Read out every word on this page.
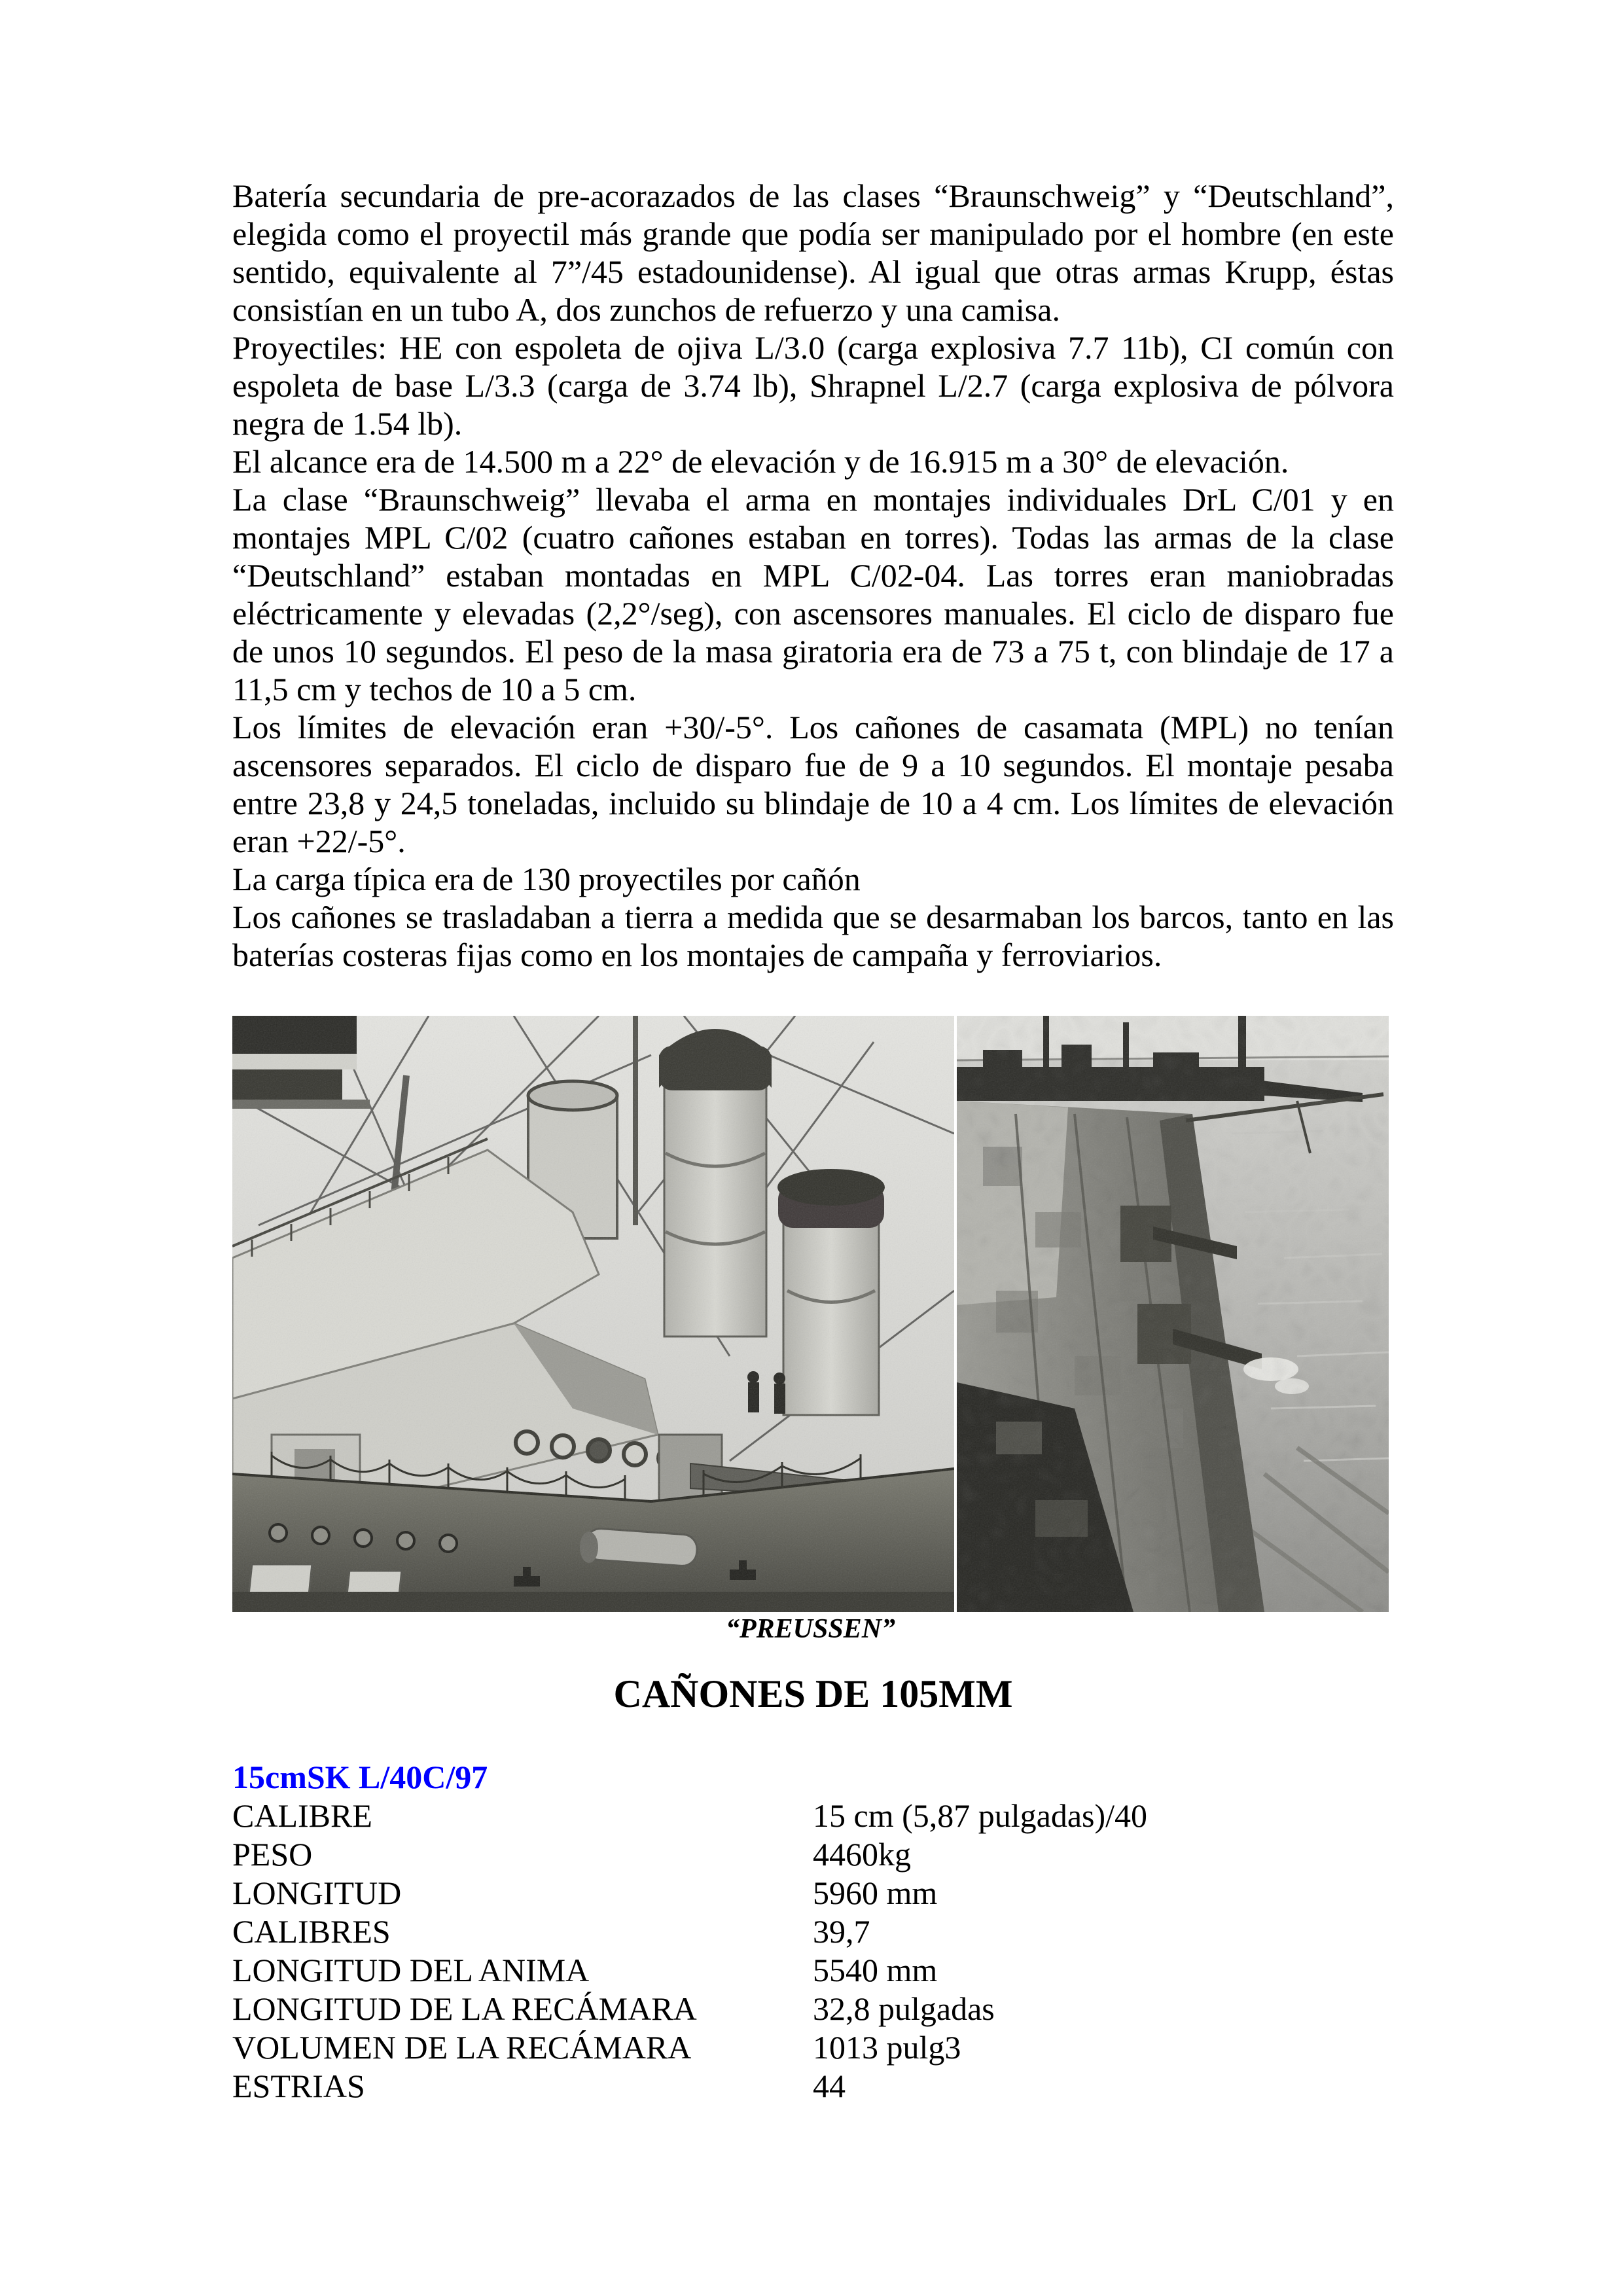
Batería secundaria de pre-acorazados de las clases “Braunschweig” y “Deutschland”, elegida como el proyectil más grande que podía ser manipulado por el hombre (en este sentido, equivalente al 7”/45 estadounidense). Al igual que otras armas Krupp, éstas consistían en un tubo A, dos zunchos de refuerzo y una camisa.

Proyectiles: HE con espoleta de ojiva L/3.0 (carga explosiva 7.7 11b), CI común con espoleta de base L/3.3 (carga de 3.74 lb), Shrapnel L/2.7 (carga explosiva de pólvora negra de 1.54 lb).

El alcance era de 14.500 m a 22° de elevación y de 16.915 m a 30° de elevación.

La clase “Braunschweig” llevaba el arma en montajes individuales DrL C/01 y en montajes MPL C/02 (cuatro cañones estaban en torres). Todas las armas de la clase “Deutschland” estaban montadas en MPL C/02-04. Las torres eran maniobradas eléctricamente y elevadas (2,2°/seg), con ascensores manuales. El ciclo de disparo fue de unos 10 segundos. El peso de la masa giratoria era de 73 a 75 t, con blindaje de 17 a 11,5 cm y techos de 10 a 5 cm.

Los límites de elevación eran +30/-5°. Los cañones de casamata (MPL) no tenían ascensores separados. El ciclo de disparo fue de 9 a 10 segundos. El montaje pesaba entre 23,8 y 24,5 toneladas, incluido su blindaje de 10 a 4 cm. Los límites de elevación eran +22/-5°.

La carga típica era de 130 proyectiles por cañón

Los cañones se trasladaban a tierra a medida que se desarmaban los barcos, tanto en las baterías costeras fijas como en los montajes de campaña y ferroviarios.

“PREUSSEN”
CAÑONES DE 105MM
15cmSK L/40C/97
CALIBRE	15 cm (5,87 pulgadas)/40
PESO	4460kg
LONGITUD	5960 mm
CALIBRES	39,7
LONGITUD DEL ANIMA	5540 mm
LONGITUD DE LA RECÁMARA	32,8 pulgadas
VOLUMEN DE LA RECÁMARA	1013 pulg3
ESTRIAS	44
